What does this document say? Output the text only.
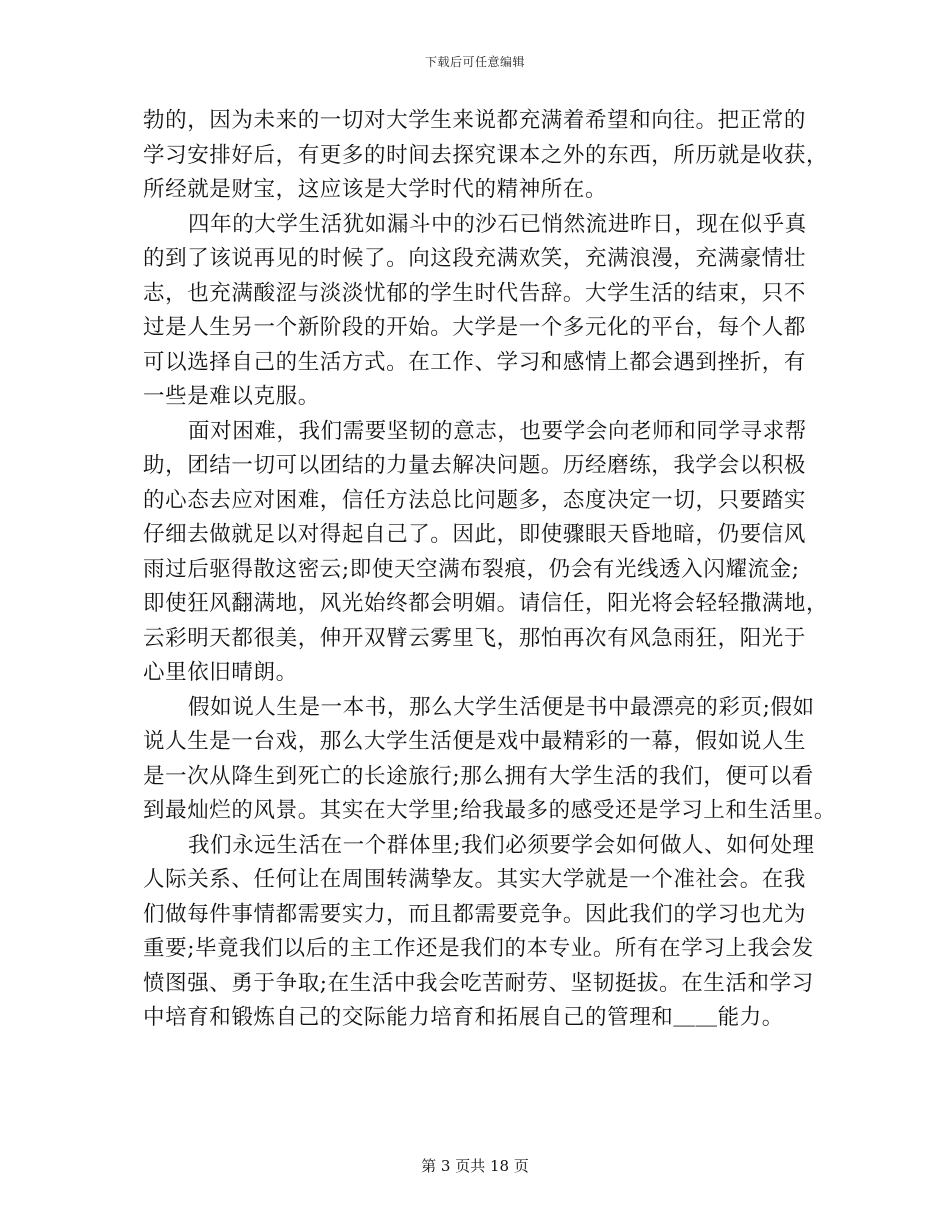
下载后可任意编辑
勃的，因为未来的一切对大学生来说都充满着希望和向往。把正常的
学习安排好后，有更多的时间去探究课本之外的东西，所历就是收获，
所经就是财宝，这应该是大学时代的精神所在。
四年的大学生活犹如漏斗中的沙石已悄然流进昨日，现在似乎真
的到了该说再见的时候了。向这段充满欢笑，充满浪漫，充满豪情壮
志，也充满酸涩与淡淡忧郁的学生时代告辞。大学生活的结束，只不
过是人生另一个新阶段的开始。大学是一个多元化的平台，每个人都
可以选择自己的生活方式。在工作、学习和感情上都会遇到挫折，有
一些是难以克服。
面对困难，我们需要坚韧的意志，也要学会向老师和同学寻求帮
助，团结一切可以团结的力量去解决问题。历经磨练，我学会以积极
的心态去应对困难，信任方法总比问题多，态度决定一切，只要踏实
仔细去做就足以对得起自己了。因此，即使骤眼天昏地暗，仍要信风
雨过后驱得散这密云;即使天空满布裂痕，仍会有光线透入闪耀流金;
即使狂风翻满地，风光始终都会明媚。请信任，阳光将会轻轻撒满地，
云彩明天都很美，伸开双臂云雾里飞，那怕再次有风急雨狂，阳光于
心里依旧晴朗。
假如说人生是一本书，那么大学生活便是书中最漂亮的彩页;假如
说人生是一台戏，那么大学生活便是戏中最精彩的一幕，假如说人生
是一次从降生到死亡的长途旅行;那么拥有大学生活的我们，便可以看
到最灿烂的风景。其实在大学里;给我最多的感受还是学习上和生活里。
我们永远生活在一个群体里;我们必须要学会如何做人、如何处理
人际关系、任何让在周围转满挚友。其实大学就是一个准社会。在我
们做每件事情都需要实力，而且都需要竞争。因此我们的学习也尤为
重要;毕竟我们以后的主工作还是我们的本专业。所有在学习上我会发
愤图强、勇于争取;在生活中我会吃苦耐劳、坚韧挺拔。在生活和学习
中培育和锻炼自己的交际能力培育和拓展自己的管理和＿＿能力。
第 3 页共 18 页
